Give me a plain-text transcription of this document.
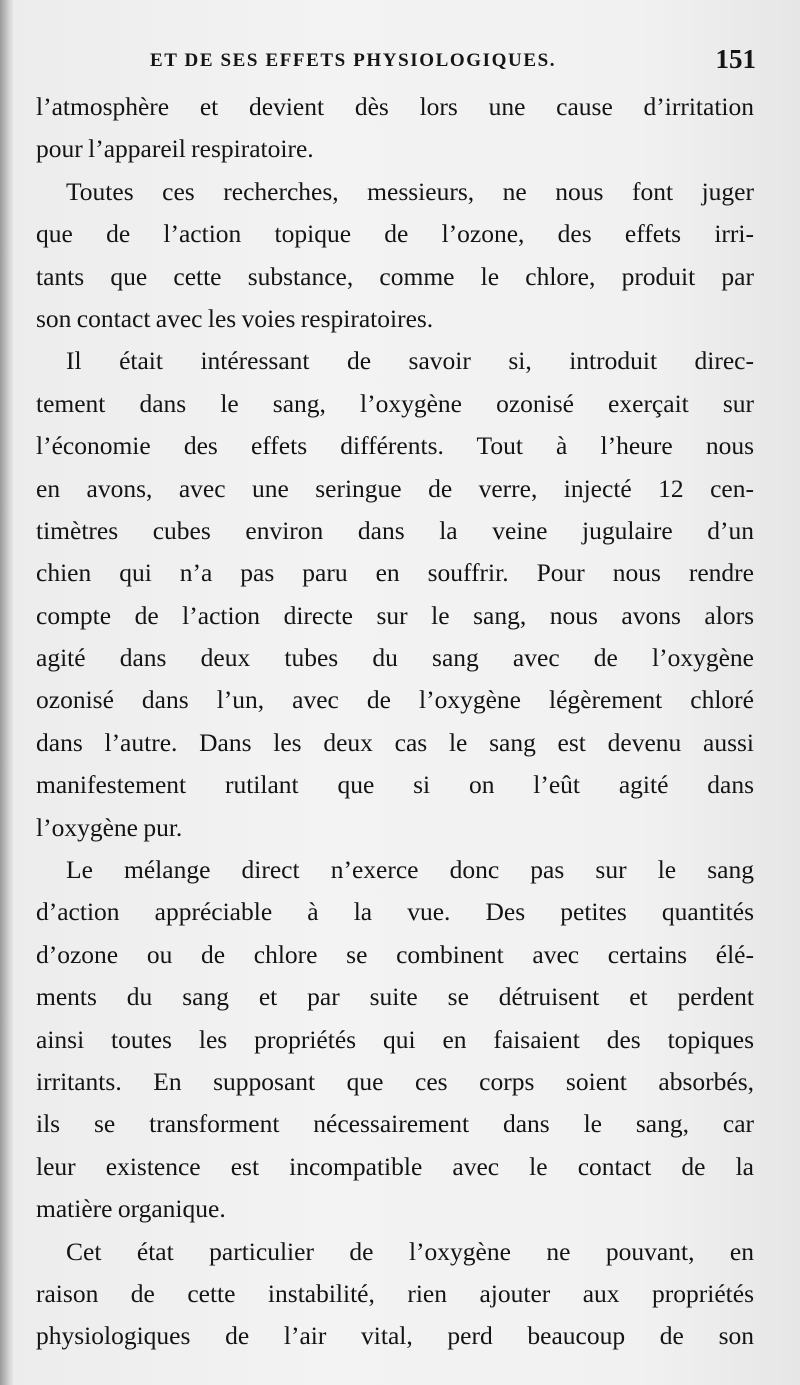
ET DE SES EFFETS PHYSIOLOGIQUES.	151

l’atmosphère et devient dès lors une cause d’irritation
pour l’appareil respiratoire.

Toutes ces recherches, messieurs, ne nous font juger
que de l’action topique de l’ozone, des effets irri-
tants que cette substance, comme le chlore, produit par
son contact avec les voies respiratoires.

Il était intéressant de savoir si, introduit direc-
tement dans le sang, l’oxygène ozonisé exerçait sur
l’économie des effets différents. Tout à l’heure nous
en avons, avec une seringue de verre, injecté 12 cen-
timètres cubes environ dans la veine jugulaire d’un
chien qui n’a pas paru en souffrir. Pour nous rendre
compte de l’action directe sur le sang, nous avons alors
agité dans deux tubes du sang avec de l’oxygène
ozonisé dans l’un, avec de l’oxygène légèrement chloré
dans l’autre. Dans les deux cas le sang est devenu aussi
manifestement rutilant que si on l’eût agité dans
l’oxygène pur.

Le mélange direct n’exerce donc pas sur le sang
d’action appréciable à la vue. Des petites quantités
d’ozone ou de chlore se combinent avec certains élé-
ments du sang et par suite se détruisent et perdent
ainsi toutes les propriétés qui en faisaient des topiques
irritants. En supposant que ces corps soient absorbés,
ils se transforment nécessairement dans le sang, car
leur existence est incompatible avec le contact de la
matière organique.

Cet état particulier de l’oxygène ne pouvant, en
raison de cette instabilité, rien ajouter aux propriétés
physiologiques de l’air vital, perd beaucoup de son
